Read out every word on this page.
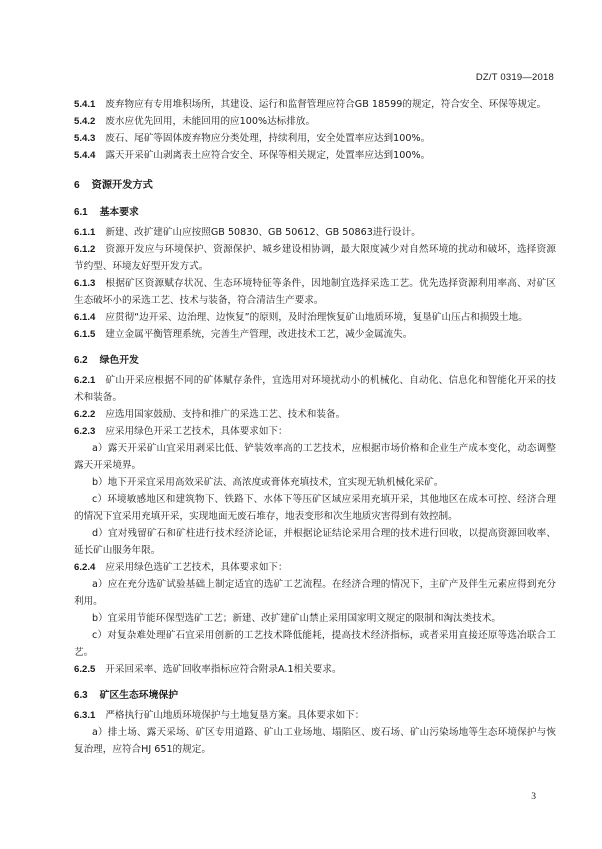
DZ/T 0319—2018
5.4.1 废弃物应有专用堆积场所，其建设、运行和监督管理应符合GB 18599的规定，符合安全、环保等规定。
5.4.2 废水应优先回用，未能回用的应100%达标排放。
5.4.3 废石、尾矿等固体废弃物应分类处理，持续利用，安全处置率应达到100%。
5.4.4 露天开采矿山剥离表土应符合安全、环保等相关规定，处置率应达到100%。
6 资源开发方式
6.1 基本要求
6.1.1 新建、改扩建矿山应按照GB 50830、GB 50612、GB 50863进行设计。
6.1.2 资源开发应与环境保护、资源保护、城乡建设相协调，最大限度减少对自然环境的扰动和破坏，选择资源节约型、环境友好型开发方式。
6.1.3 根据矿区资源赋存状况、生态环境特征等条件，因地制宜选择采选工艺。优先选择资源利用率高、对矿区生态破坏小的采选工艺、技术与装备，符合清洁生产要求。
6.1.4 应贯彻“边开采、边治理、边恢复”的原则，及时治理恢复矿山地质环境，复垦矿山压占和损毁土地。
6.1.5 建立金属平衡管理系统，完善生产管理，改进技术工艺，减少金属流失。
6.2 绿色开发
6.2.1 矿山开采应根据不同的矿体赋存条件，宜选用对环境扰动小的机械化、自动化、信息化和智能化开采的技术和装备。
6.2.2 应选用国家鼓励、支持和推广的采选工艺、技术和装备。
6.2.3 应采用绿色开采工艺技术，具体要求如下：
a）露天开采矿山宜采用剥采比低、铲装效率高的工艺技术，应根据市场价格和企业生产成本变化，动态调整露天开采境界。
b）地下开采宜采用高效采矿法、高浓度或膏体充填技术，宜实现无轨机械化采矿。
c）环境敏感地区和建筑物下、铁路下、水体下等压矿区域应采用充填开采，其他地区在成本可控、经济合理的情况下宜采用充填开采，实现地面无废石堆存，地表变形和次生地质灾害得到有效控制。
d）宜对残留矿石和矿柱进行技术经济论证，并根据论证结论采用合理的技术进行回收，以提高资源回收率、延长矿山服务年限。
6.2.4 应采用绿色选矿工艺技术，具体要求如下：
a）应在充分选矿试验基础上制定适宜的选矿工艺流程。在经济合理的情况下，主矿产及伴生元素应得到充分利用。
b）宜采用节能环保型选矿工艺；新建、改扩建矿山禁止采用国家明文规定的限制和淘汰类技术。
c）对复杂难处理矿石宜采用创新的工艺技术降低能耗，提高技术经济指标，或者采用直接还原等选冶联合工艺。
6.2.5 开采回采率、选矿回收率指标应符合附录A.1相关要求。
6.3 矿区生态环境保护
6.3.1 严格执行矿山地质环境保护与土地复垦方案。具体要求如下：
a）排土场、露天采场、矿区专用道路、矿山工业场地、塌陷区、废石场、矿山污染场地等生态环境保护与恢复治理，应符合HJ 651的规定。
3
